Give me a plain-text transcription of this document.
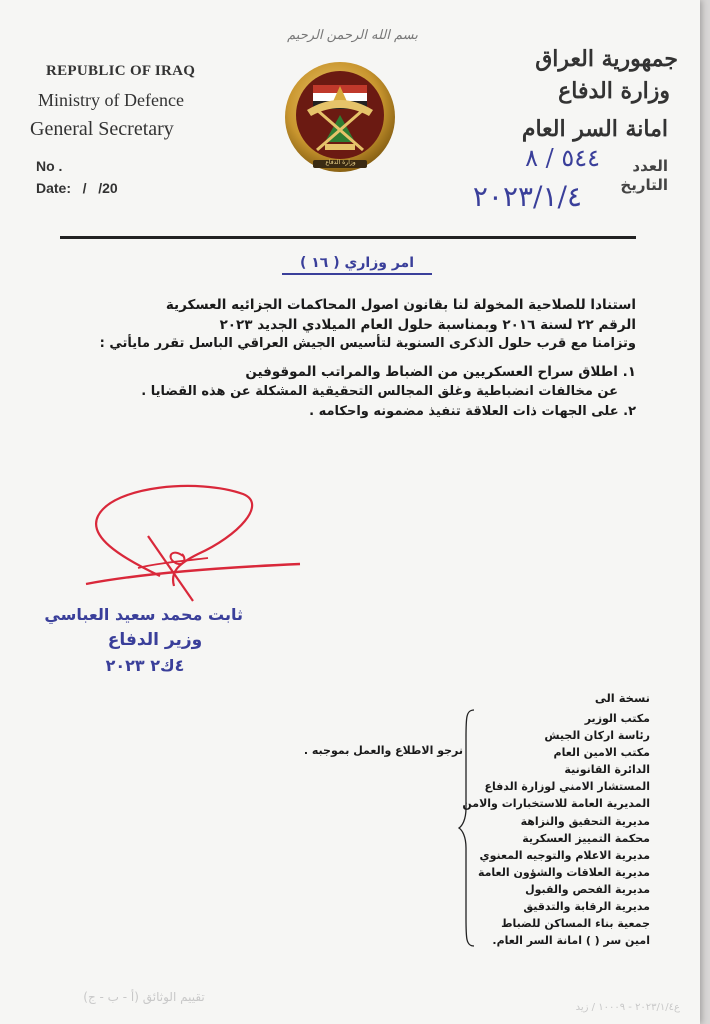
بسم الله الرحمن الرحيم
REPUBLIC OF IRAQ
Ministry of Defence
General Secretary
No .
Date:   /   /20
وزارة الدفاع
جمهورية العراق
وزارة الدفاع
امانة السر العام
العدد
التاريخ
٥٤٤ / ٨
٢٠٢٣/١/٤
امر وزاري ( ١٦ )
استنادا للصلاحية المخولة لنا بقانون اصول المحاكمات الجزائيه العسكرية
الرقم ٢٢ لسنة ٢٠١٦ وبمناسبة حلول العام الميلادي الجديد ٢٠٢٣
وتزامنا مع قرب حلول الذكرى السنوية لتأسيس الجيش العراقي الباسل تقرر مايأتي :
١. اطلاق سراح العسكريين من الضباط والمراتب الموقوفين
عن مخالفات انضباطية وغلق المجالس التحقيقية المشكلة عن هذه القضايا .
٢. على الجهات ذات العلاقة تنفيذ مضمونه واحكامه .
ثابت محمد سعيد العباسي
وزير الدفاع
٤ك٢ ٢٠٢٣
نسخة الى
نرجو الاطلاع والعمل بموجبه .
مكتب الوزير
رئاسة اركان الجيش
مكتب الامين العام
الدائرة القانونية
المستشار الامني لوزارة الدفاع
المديرية العامة للاستخبارات والامن
مديرية التحقيق والنزاهة
محكمة التمييز العسكرية
مديرية الاعلام والتوجيه المعنوي
مديرية العلاقات والشؤون العامة
مديرية الفحص والقبول
مديرية الرقابة والتدقيق
جمعية بناء المساكن للضباط
امين سر ( ) امانة السر العام.
تقييم الوثائق (أ - ب - ج)
ع٢٠٢٣/١/٤ - ١٠٠٠٩ / زيد
